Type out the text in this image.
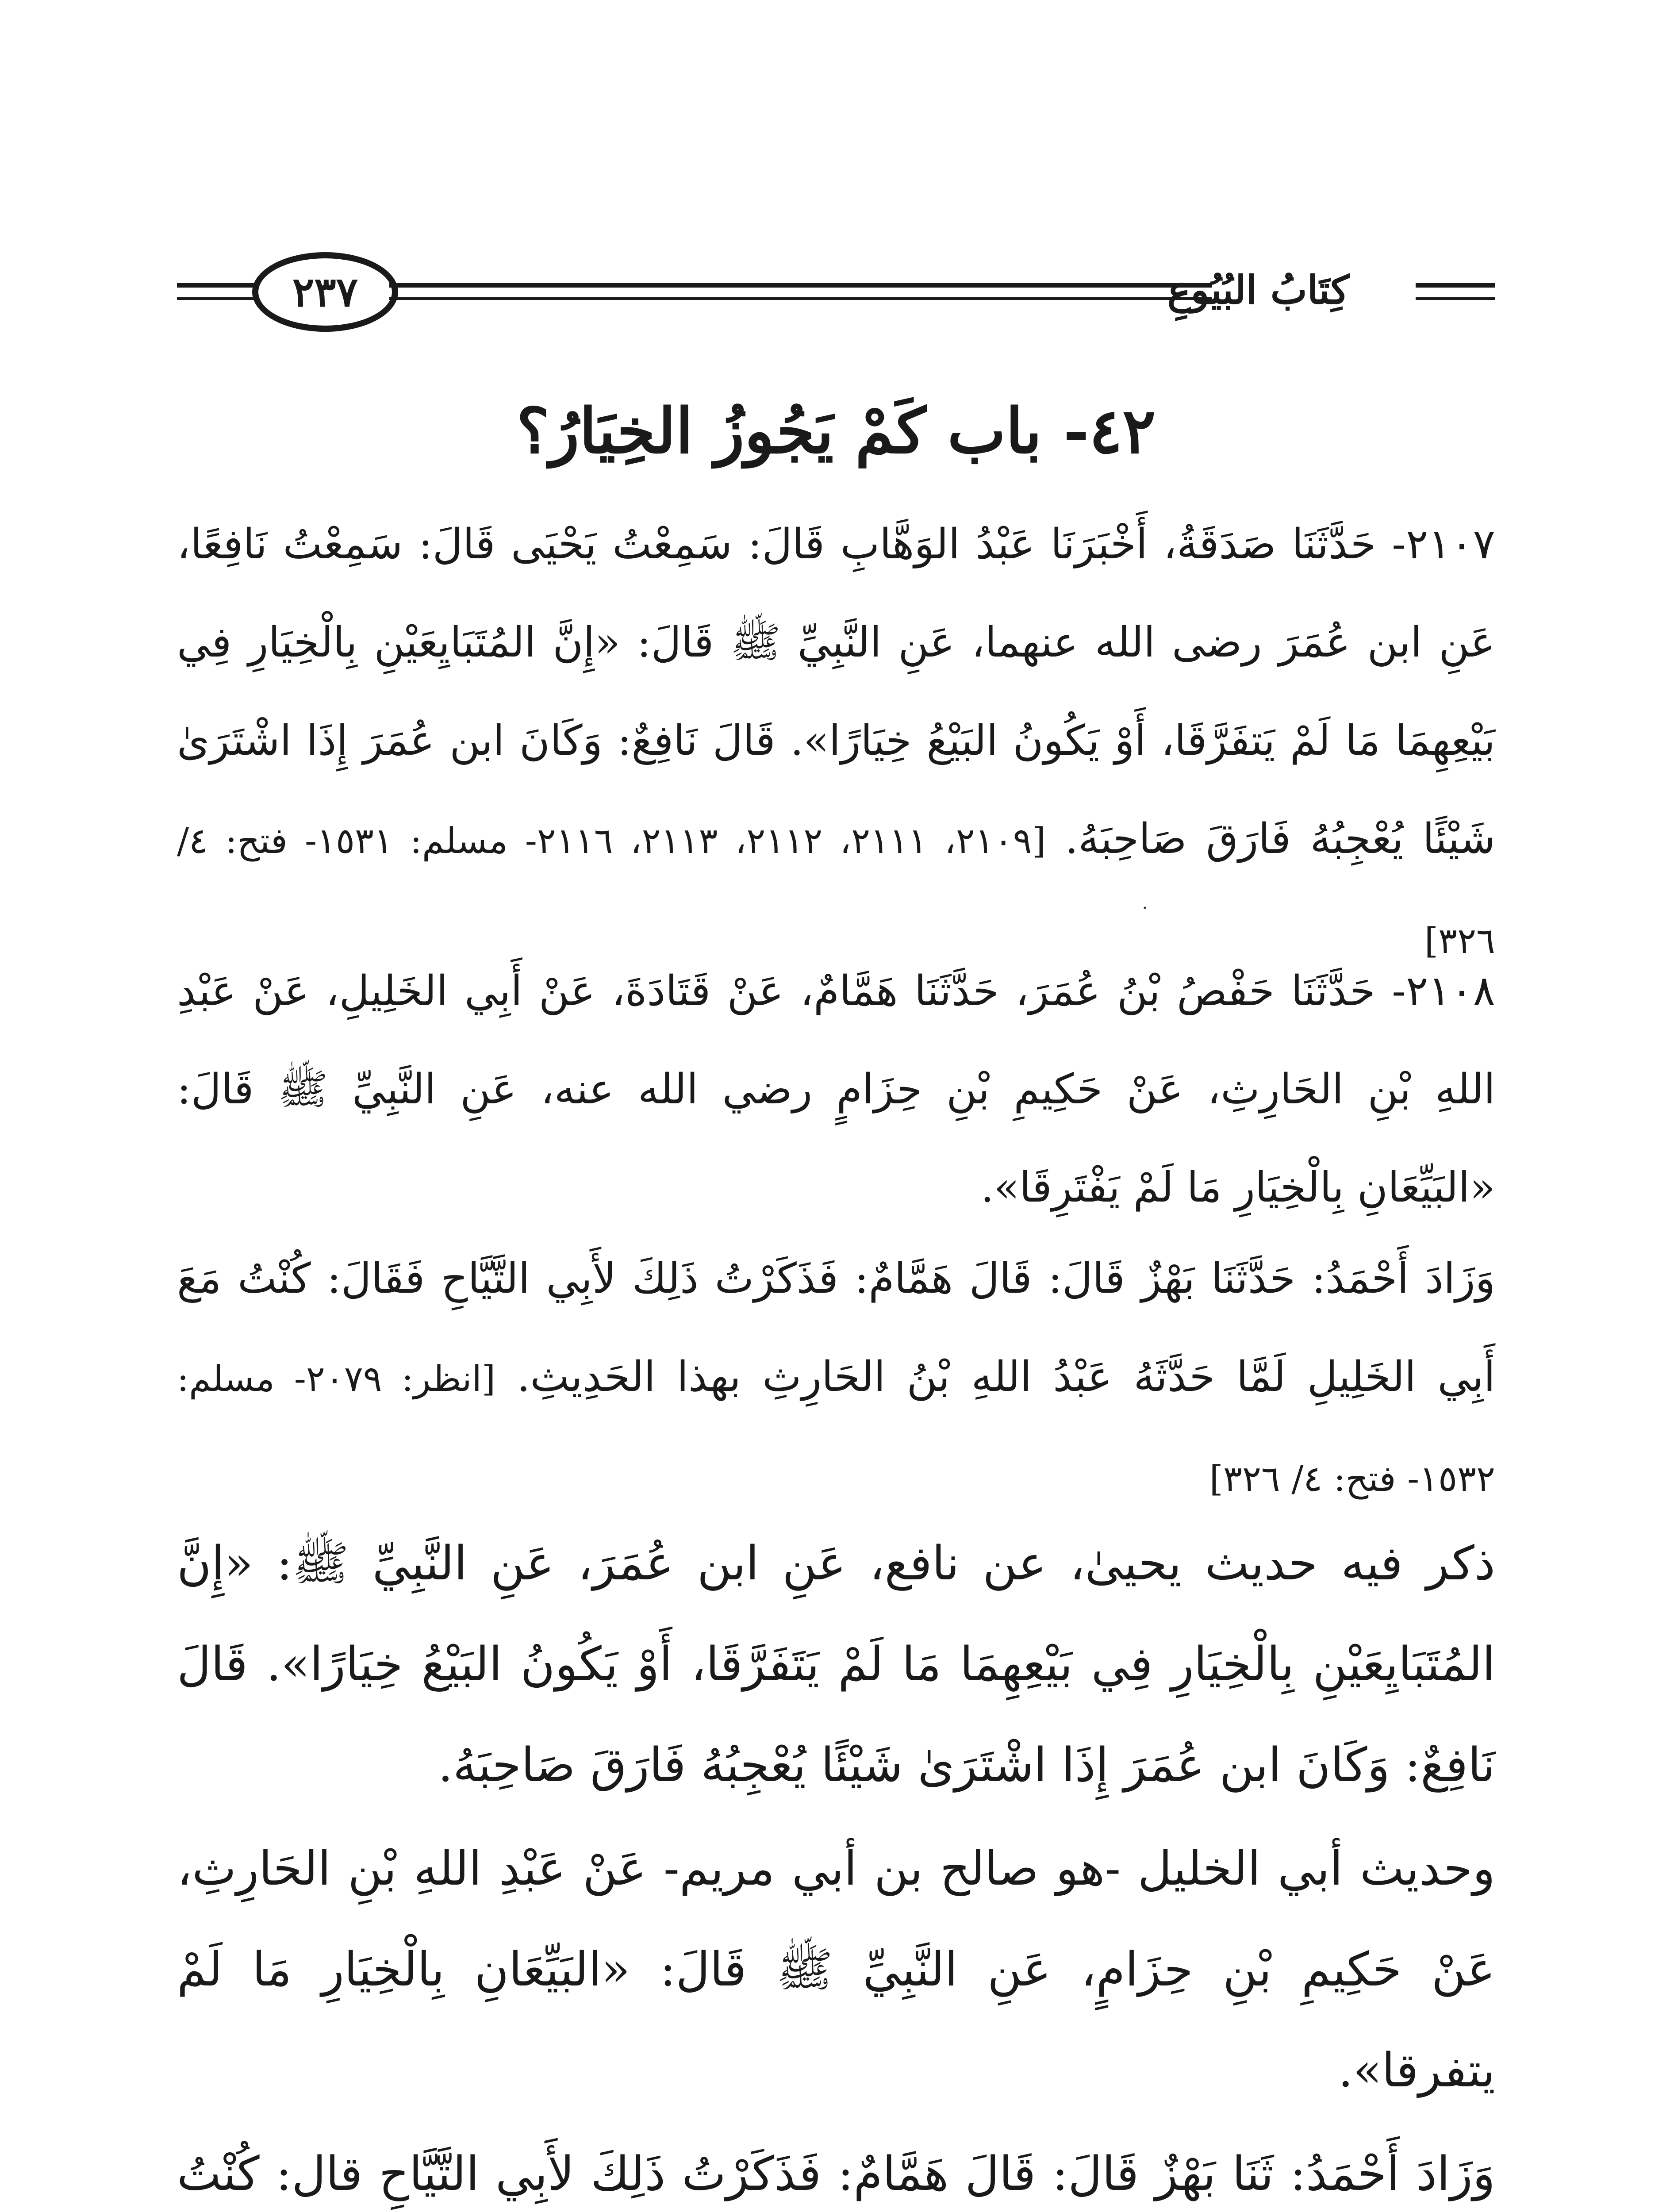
٢٣٧	كِتَابُ البُيُوعِ
٤٢- باب كَمْ يَجُوزُ الخِيَارُ؟
٢١٠٧- حَدَّثَنَا صَدَقَةُ، أَخْبَرَنَا عَبْدُ الوَهَّابِ قَالَ: سَمِعْتُ يَحْيَى قَالَ: سَمِعْتُ نَافِعًا، عَنِ ابن عُمَرَ رضى الله عنهما، عَنِ النَّبِيِّ ﷺ قَالَ: «إِنَّ المُتَبَايِعَيْنِ بِالْخِيَارِ فِي بَيْعِهِمَا مَا لَمْ يَتفَرَّقَا، أَوْ يَكُونُ البَيْعُ خِيَارًا». قَالَ نَافِعٌ: وَكَانَ ابن عُمَرَ إِذَا اشْتَرَىٰ شَيْئًا يُعْجِبُهُ فَارَقَ صَاحِبَهُ. [٢١٠٩، ٢١١١، ٢١١٢، ٢١١٣، ٢١١٦- مسلم: ١٥٣١- فتح: ٤/ ٣٢٦]
·
٢١٠٨- حَدَّثَنَا حَفْصُ بْنُ عُمَرَ، حَدَّثَنَا هَمَّامٌ، عَنْ قَتَادَةَ، عَنْ أَبِي الخَلِيلِ، عَنْ عَبْدِ اللهِ بْنِ الحَارِثِ، عَنْ حَكِيمِ بْنِ حِزَامٍ رضي الله عنه، عَنِ النَّبِيِّ ﷺ قَالَ: «البَيِّعَانِ بِالْخِيَارِ مَا لَمْ يَفْتَرِقَا».
وَزَادَ أَحْمَدُ: حَدَّثَنَا بَهْزٌ قَالَ: قَالَ هَمَّامٌ: فَذَكَرْتُ ذَلِكَ لأَبِي التَّيَّاحِ فَقَالَ: كُنْتُ مَعَ أَبِي الخَلِيلِ لَمَّا حَدَّثَهُ عَبْدُ اللهِ بْنُ الحَارِثِ بهذا الحَدِيثِ. [انظر: ٢٠٧٩- مسلم: ١٥٣٢- فتح: ٤/ ٣٢٦]
ذكر فيه حديث يحيىٰ، عن نافع، عَنِ ابن عُمَرَ، عَنِ النَّبِيِّ ﷺ: «إِنَّ المُتَبَايِعَيْنِ بِالْخِيَارِ فِي بَيْعِهِمَا مَا لَمْ يَتَفَرَّقَا، أَوْ يَكُونُ البَيْعُ خِيَارًا». قَالَ نَافِعٌ: وَكَانَ ابن عُمَرَ إِذَا اشْتَرَىٰ شَيْئًا يُعْجِبُهُ فَارَقَ صَاحِبَهُ.
وحديث أبي الخليل -هو صالح بن أبي مريم- عَنْ عَبْدِ اللهِ بْنِ الحَارِثِ، عَنْ حَكِيمِ بْنِ حِزَامٍ، عَنِ النَّبِيِّ ﷺ قَالَ: «البَيِّعَانِ بِالْخِيَارِ مَا لَمْ يتفرقا».
وَزَادَ أَحْمَدُ: ثَنَا بَهْزٌ قَالَ: قَالَ هَمَّامٌ: فَذَكَرْتُ ذَلِكَ لأَبِي التَّيَّاحِ قال: كُنْتُ
